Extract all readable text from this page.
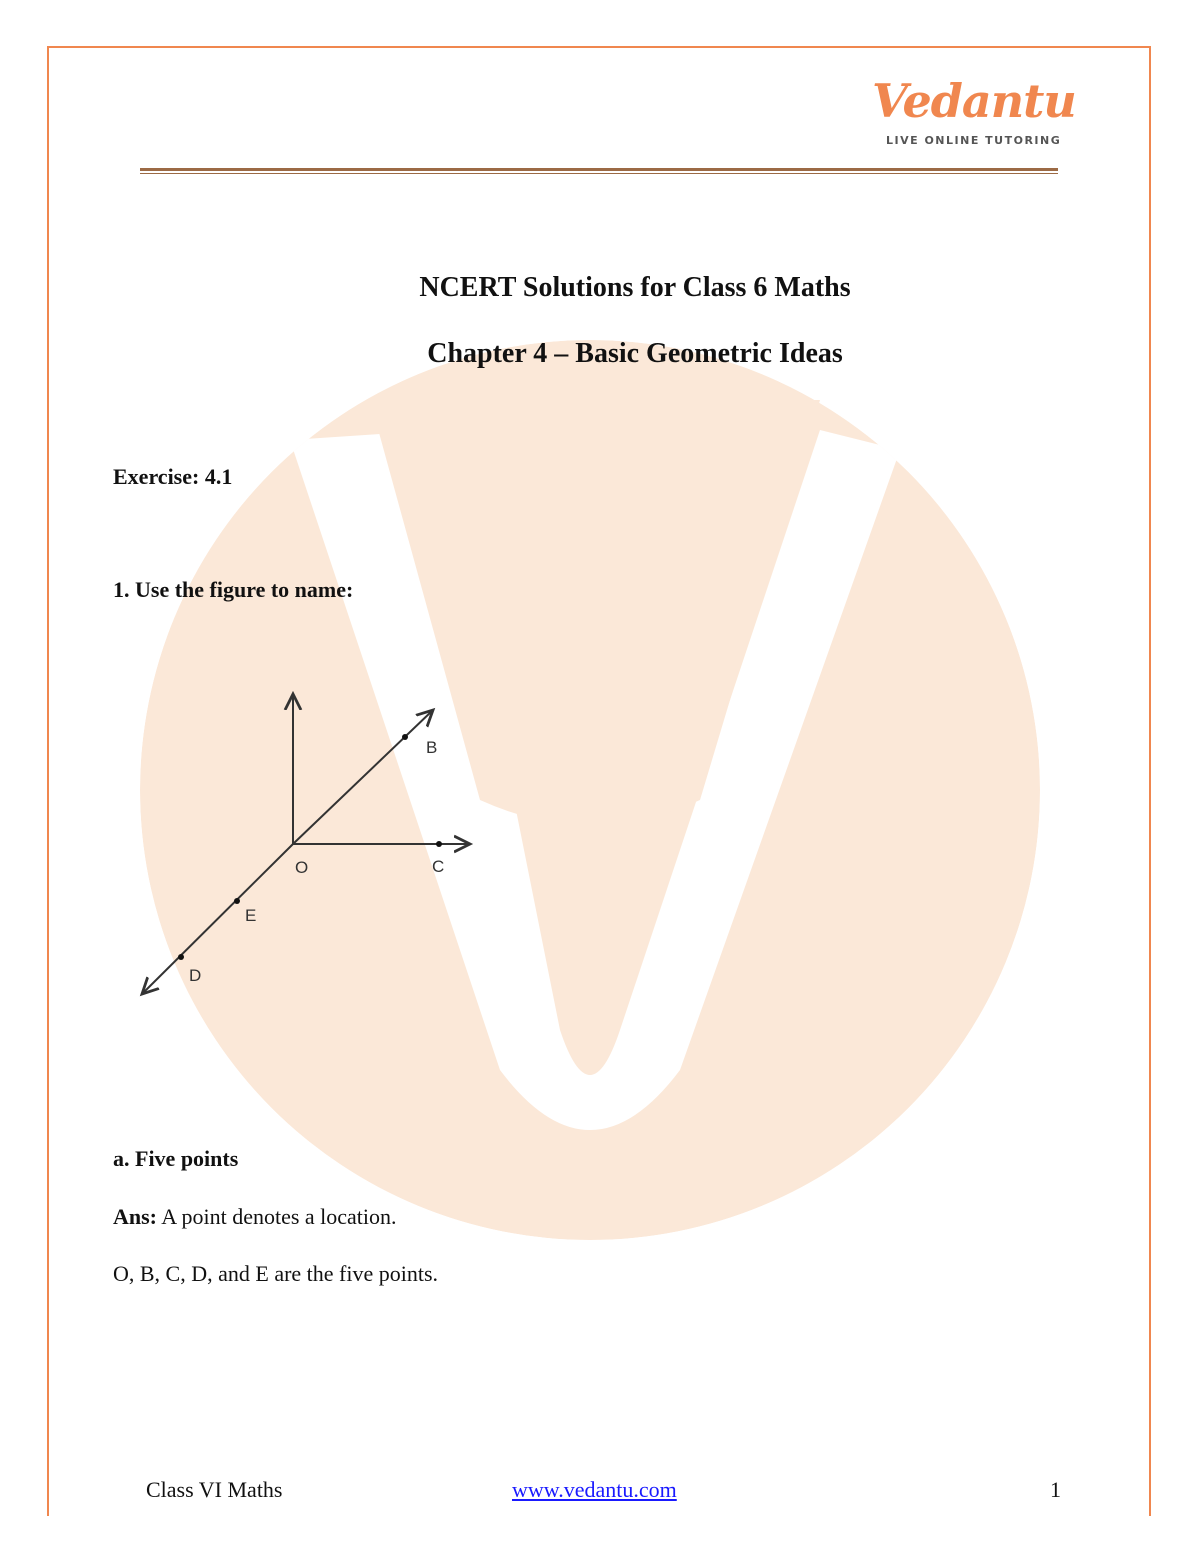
Vedantu
LIVE ONLINE TUTORING
NCERT Solutions for Class 6 Maths
Chapter 4 – Basic Geometric Ideas
Exercise: 4.1
1. Use the figure to name:
B
C
O
E
D
a. Five points
Ans: A point denotes a location.
O, B, C, D, and E are the five points.
Class VI Maths	www.vedantu.com	1
